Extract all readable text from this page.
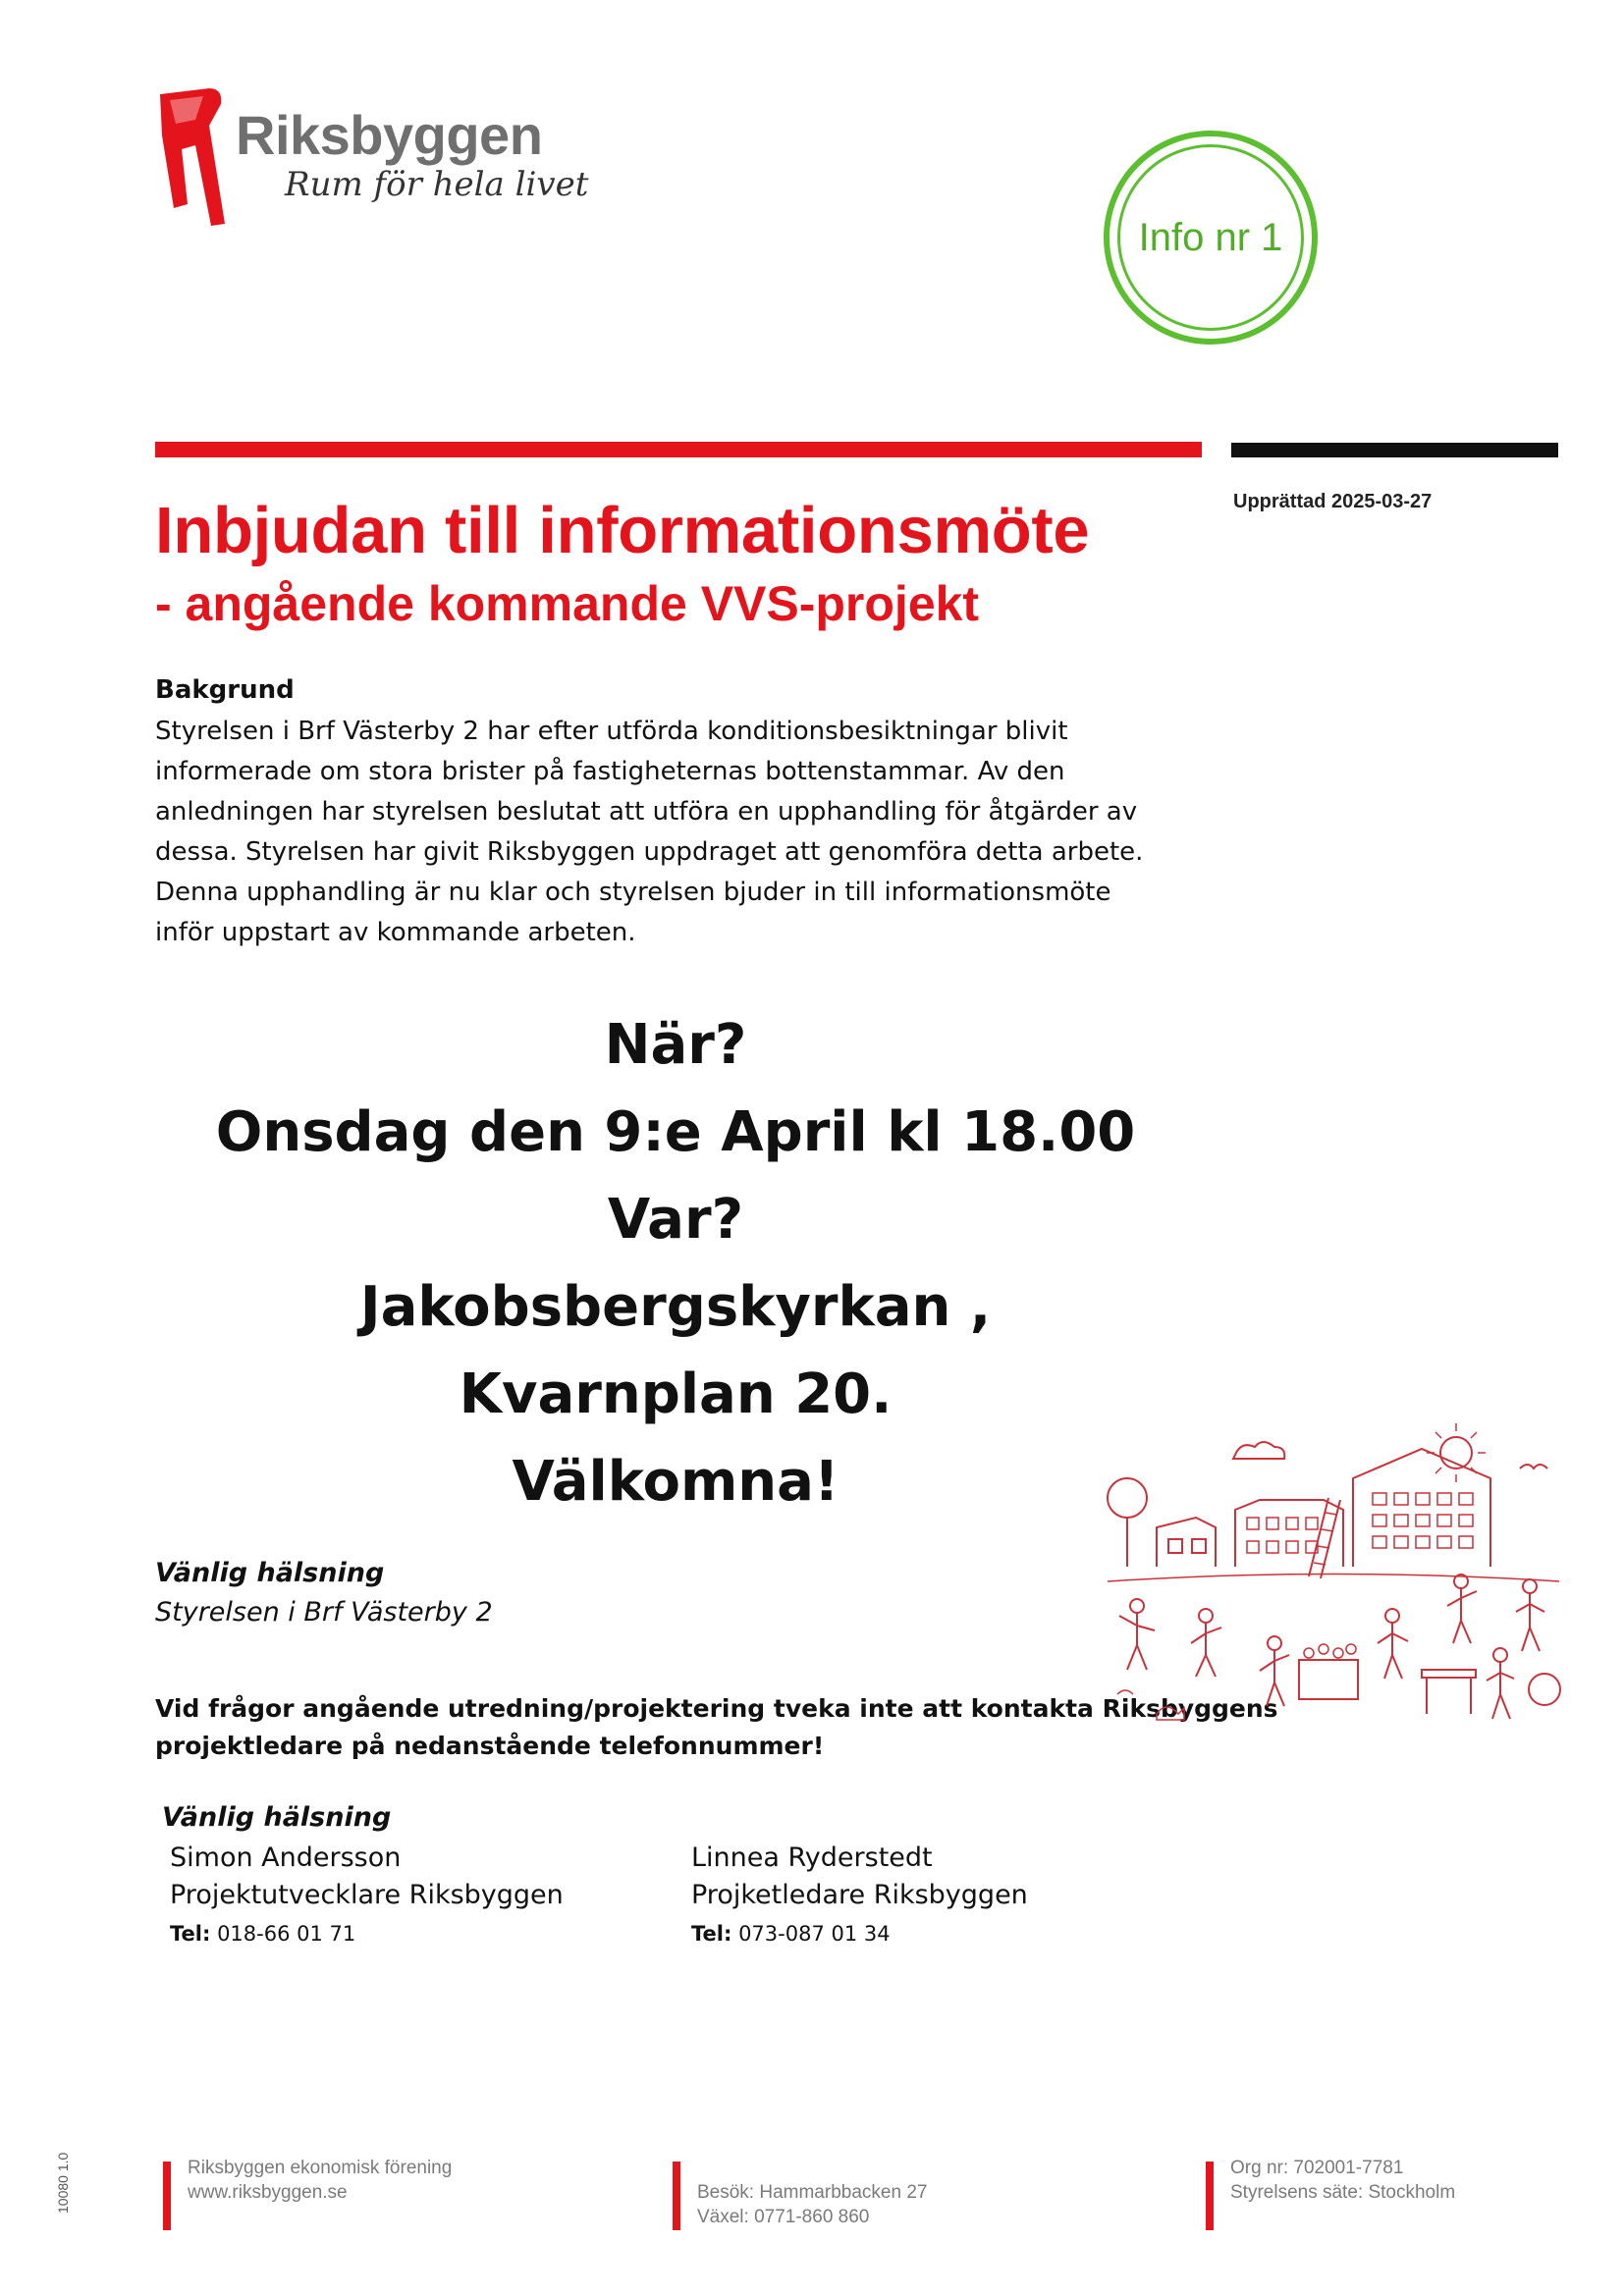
Riksbyggen
Rum för hela livet
Info nr 1
Upprättad 2025-03-27
Inbjudan till informationsmöte
- angående kommande VVS-projekt
Bakgrund
Styrelsen i Brf Västerby 2 har efter utförda konditionsbesiktningar blivit
informerade om stora brister på fastigheternas bottenstammar. Av den
anledningen har styrelsen beslutat att utföra en upphandling för åtgärder av
dessa. Styrelsen har givit Riksbyggen uppdraget att genomföra detta arbete.
Denna upphandling är nu klar och styrelsen bjuder in till informationsmöte
inför uppstart av kommande arbeten.
När?
Onsdag den 9:e April kl 18.00
Var?
Jakobsbergskyrkan ,
Kvarnplan 20.
Välkomna!
Vänlig hälsning
Styrelsen i Brf Västerby 2
Vid frågor angående utredning/projektering tveka inte att kontakta Riksbyggens
projektledare på nedanstående telefonnummer!
Vänlig hälsning
Simon Andersson
Projektutvecklare Riksbyggen
Tel: 018-66 01 71
Linnea Ryderstedt
Projketledare Riksbyggen
Tel: 073-087 01 34
10080 1.0	Riksbyggen ekonomisk förening
www.riksbyggen.se	Besök: Hammarbbacken 27
Växel: 0771-860 860
Org nr: 702001-7781
Styrelsens säte: Stockholm
